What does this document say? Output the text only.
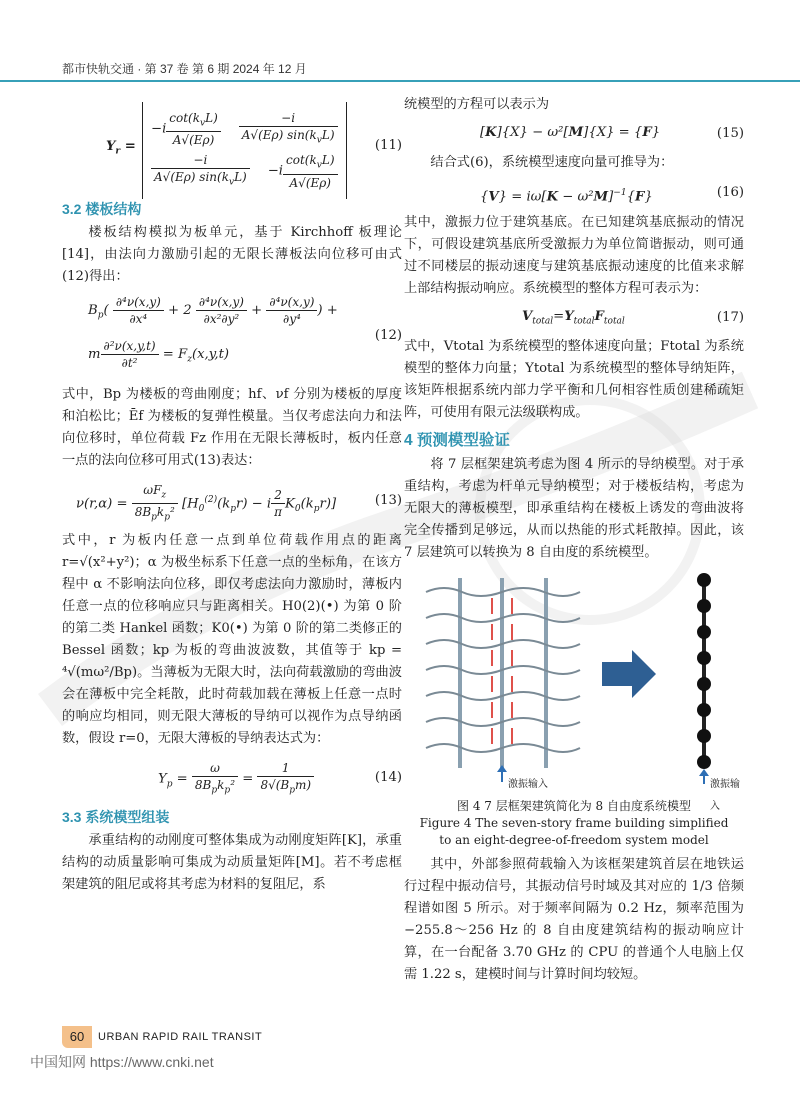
都市快轨交通 · 第 37 卷 第 6 期 2024 年 12 月
$Y_r$ =
$-i \frac{\cot(k_vL)}{A√(E\rho)} \frac{-i}{A√(E\rho) \sin(k_vL)}$
$\frac{-i}{A√(E\rho) \sin(k_vL)} -i \frac{\cot(k_vL)}{A√(E\rho)}$
(11)
3.2 楼板结构

楼板结构模拟为板单元，基于 Kirchhoff 板理论[14]，由法向力激励引起的无限长薄板法向位移可由式(12)得出：

$B_p( \frac{\text{∂⁴ν(x,y)}}{\text{∂x⁴}} + 2 \frac{\text{∂⁴ν(x,y)}}{\text{∂x²∂y²}} + \frac{\text{∂⁴ν(x,y)}}{\text{∂y⁴}}$ ) +
m $\frac{\text{∂²ν(x,y,t)}}{\text{∂t²}} = F_z(x,y,t)$
(12)

式中，Bp 为楼板的弯曲刚度；hf、νf 分别为楼板的厚度和泊松比；Ēf 为楼板的复弹性模量。当仅考虑法向力和法向位移时，单位荷载 Fz 作用在无限长薄板时，板内任意一点的法向位移可用式(13)表达：

$\nu(r,\alpha) = \frac{\omega F_z}{8B_pk_p^2} [H_0^{(2)}(k_pr) - i \frac{2}{\pi} K_0(k_pr)]$	(13)

式中，r 为板内任意一点到单位荷载作用点的距离 r=√(x²+y²)；α 为极坐标系下任意一点的坐标角，在该方程中 α 不影响法向位移，即仅考虑法向力激励时，薄板内任意一点的位移响应只与距离相关。H0(2)(•) 为第 0 阶的第二类 Hankel 函数；K0(•) 为第 0 阶的第二类修正的 Bessel 函数；kp 为板的弯曲波波数，其值等于 kp = ⁴√(mω²/Bp)。当薄板为无限大时，法向荷载激励的弯曲波会在薄板中完全耗散，此时荷载加载在薄板上任意一点时的响应均相同，则无限大薄板的导纳可以视作为点导纳函数，假设 r=0，无限大薄板的导纳表达式为：

$Y_p = \frac{\omega}{8B_pk_p^2} = \frac{1}{8√(B_pm)}$	(14)
3.3 系统模型组装

承重结构的动刚度可整体集成为动刚度矩阵[K]，承重结构的动质量影响可集成为动质量矩阵[M]。若不考虑框架建筑的阻尼或将其考虑为材料的复阻尼，系

统模型的方程可以表示为

[K]{X} − ω²[M]{X} = {F}	(15)

结合式(6)，系统模型速度向量可推导为：

$\{V\} = i\omega[K - \omega^2M]^{-1}\{F\}$	(16)

其中，激振力位于建筑基底。在已知建筑基底振动的情况下，可假设建筑基底所受激振力为单位简谐振动，则可通过不同楼层的振动速度与建筑基底振动速度的比值来求解上部结构振动响应。系统模型的整体方程可表示为：

$V_{total}=Y_{total}F_{total}$	(17)

式中，Vtotal 为系统模型的整体速度向量；Ftotal 为系统模型的整体力向量；Ytotal 为系统模型的整体导纳矩阵，该矩阵根据系统内部力学平衡和几何相容性质创建稀疏矩阵，可使用有限元法级联构成。

4 预测模型验证

将 7 层框架建筑考虑为图 4 所示的导纳模型。对于承重结构，考虑为杆单元导纳模型；对于楼板结构，考虑为无限大的薄板模型，即承重结构在楼板上诱发的弯曲波将完全传播到足够远，从而以热能的形式耗散掉。因此，该 7 层建筑可以转换为 8 自由度的系统模型。

激振输入	激振输入
图 4 7 层框架建筑简化为 8 自由度系统模型
Figure 4 The seven-story frame building simplified
to an eight-degree-of-freedom system model

其中，外部参照荷载输入为该框架建筑首层在地铁运行过程中振动信号，其振动信号时域及其对应的 1/3 倍频程谱如图 5 所示。对于频率间隔为 0.2 Hz，频率范围为−255.8～256 Hz 的 8 自由度建筑结构的振动响应计算，在一台配备 3.70 GHz 的 CPU 的普通个人电脑上仅需 1.22 s，建模时间与计算时间均较短。

60	URBAN RAPID RAIL TRANSIT
中国知网 https://www.cnki.net
